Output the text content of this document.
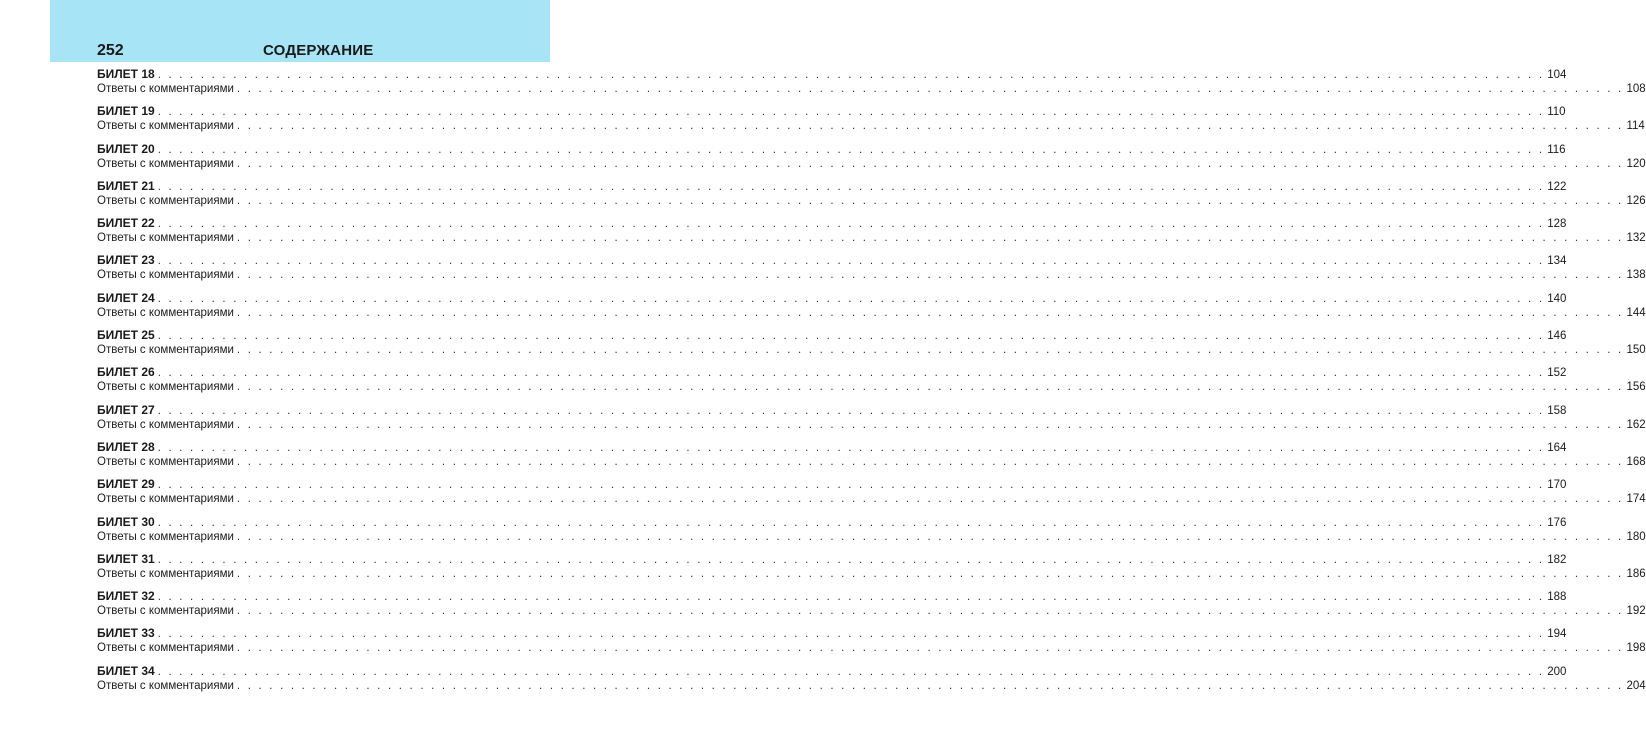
252	СОДЕРЖАНИЕ
БИЛЕТ 18 . . . . . . . . . . . . . . . . . . . . . . . . . . . . . . . . . . . . . . . . . . . . . . . . . . . . . . . . . . . . . . . . . . . . . . . . . . . . . . . . . . . . . . . . . . . . . . . . . . . . . . . . . . . . . . . . . . . . . . . . . . . . . . . . . 104
Ответы с комментариями . . . . . . . . . . . . . . . . . . . . . . . . . . . . . . . . . . . . . . . . . . . . . . . . . . . . . . . . . . . . . . . . . . . . . . . . . . . . . . . . . . . . . . . . . . . . . . . . . . . . . . . . . . . . . . . . . . . . . . . . . . . . . . . . . 108
БИЛЕТ 19 . . . . . . . . . . . . . . . . . . . . . . . . . . . . . . . . . . . . . . . . . . . . . . . . . . . . . . . . . . . . . . . . . . . . . . . . . . . . . . . . . . . . . . . . . . . . . . . . . . . . . . . . . . . . . . . . . . . . . . . . . . . . . . . . . 110
Ответы с комментариями . . . . . . . . . . . . . . . . . . . . . . . . . . . . . . . . . . . . . . . . . . . . . . . . . . . . . . . . . . . . . . . . . . . . . . . . . . . . . . . . . . . . . . . . . . . . . . . . . . . . . . . . . . . . . . . . . . . . . . . . . . . . . . . . . 114
БИЛЕТ 20 . . . . . . . . . . . . . . . . . . . . . . . . . . . . . . . . . . . . . . . . . . . . . . . . . . . . . . . . . . . . . . . . . . . . . . . . . . . . . . . . . . . . . . . . . . . . . . . . . . . . . . . . . . . . . . . . . . . . . . . . . . . . . . . . . 116
Ответы с комментариями . . . . . . . . . . . . . . . . . . . . . . . . . . . . . . . . . . . . . . . . . . . . . . . . . . . . . . . . . . . . . . . . . . . . . . . . . . . . . . . . . . . . . . . . . . . . . . . . . . . . . . . . . . . . . . . . . . . . . . . . . . . . . . . . . 120
БИЛЕТ 21 . . . . . . . . . . . . . . . . . . . . . . . . . . . . . . . . . . . . . . . . . . . . . . . . . . . . . . . . . . . . . . . . . . . . . . . . . . . . . . . . . . . . . . . . . . . . . . . . . . . . . . . . . . . . . . . . . . . . . . . . . . . . . . . . . 122
Ответы с комментариями . . . . . . . . . . . . . . . . . . . . . . . . . . . . . . . . . . . . . . . . . . . . . . . . . . . . . . . . . . . . . . . . . . . . . . . . . . . . . . . . . . . . . . . . . . . . . . . . . . . . . . . . . . . . . . . . . . . . . . . . . . . . . . . . . 126
БИЛЕТ 22 . . . . . . . . . . . . . . . . . . . . . . . . . . . . . . . . . . . . . . . . . . . . . . . . . . . . . . . . . . . . . . . . . . . . . . . . . . . . . . . . . . . . . . . . . . . . . . . . . . . . . . . . . . . . . . . . . . . . . . . . . . . . . . . . . 128
Ответы с комментариями . . . . . . . . . . . . . . . . . . . . . . . . . . . . . . . . . . . . . . . . . . . . . . . . . . . . . . . . . . . . . . . . . . . . . . . . . . . . . . . . . . . . . . . . . . . . . . . . . . . . . . . . . . . . . . . . . . . . . . . . . . . . . . . . . 132
БИЛЕТ 23 . . . . . . . . . . . . . . . . . . . . . . . . . . . . . . . . . . . . . . . . . . . . . . . . . . . . . . . . . . . . . . . . . . . . . . . . . . . . . . . . . . . . . . . . . . . . . . . . . . . . . . . . . . . . . . . . . . . . . . . . . . . . . . . . . 134
Ответы с комментариями . . . . . . . . . . . . . . . . . . . . . . . . . . . . . . . . . . . . . . . . . . . . . . . . . . . . . . . . . . . . . . . . . . . . . . . . . . . . . . . . . . . . . . . . . . . . . . . . . . . . . . . . . . . . . . . . . . . . . . . . . . . . . . . . . 138
БИЛЕТ 24 . . . . . . . . . . . . . . . . . . . . . . . . . . . . . . . . . . . . . . . . . . . . . . . . . . . . . . . . . . . . . . . . . . . . . . . . . . . . . . . . . . . . . . . . . . . . . . . . . . . . . . . . . . . . . . . . . . . . . . . . . . . . . . . . . 140
Ответы с комментариями . . . . . . . . . . . . . . . . . . . . . . . . . . . . . . . . . . . . . . . . . . . . . . . . . . . . . . . . . . . . . . . . . . . . . . . . . . . . . . . . . . . . . . . . . . . . . . . . . . . . . . . . . . . . . . . . . . . . . . . . . . . . . . . . . 144
БИЛЕТ 25 . . . . . . . . . . . . . . . . . . . . . . . . . . . . . . . . . . . . . . . . . . . . . . . . . . . . . . . . . . . . . . . . . . . . . . . . . . . . . . . . . . . . . . . . . . . . . . . . . . . . . . . . . . . . . . . . . . . . . . . . . . . . . . . . . 146
Ответы с комментариями . . . . . . . . . . . . . . . . . . . . . . . . . . . . . . . . . . . . . . . . . . . . . . . . . . . . . . . . . . . . . . . . . . . . . . . . . . . . . . . . . . . . . . . . . . . . . . . . . . . . . . . . . . . . . . . . . . . . . . . . . . . . . . . . . 150
БИЛЕТ 26 . . . . . . . . . . . . . . . . . . . . . . . . . . . . . . . . . . . . . . . . . . . . . . . . . . . . . . . . . . . . . . . . . . . . . . . . . . . . . . . . . . . . . . . . . . . . . . . . . . . . . . . . . . . . . . . . . . . . . . . . . . . . . . . . . 152
Ответы с комментариями . . . . . . . . . . . . . . . . . . . . . . . . . . . . . . . . . . . . . . . . . . . . . . . . . . . . . . . . . . . . . . . . . . . . . . . . . . . . . . . . . . . . . . . . . . . . . . . . . . . . . . . . . . . . . . . . . . . . . . . . . . . . . . . . . 156
БИЛЕТ 27 . . . . . . . . . . . . . . . . . . . . . . . . . . . . . . . . . . . . . . . . . . . . . . . . . . . . . . . . . . . . . . . . . . . . . . . . . . . . . . . . . . . . . . . . . . . . . . . . . . . . . . . . . . . . . . . . . . . . . . . . . . . . . . . . . 158
Ответы с комментариями . . . . . . . . . . . . . . . . . . . . . . . . . . . . . . . . . . . . . . . . . . . . . . . . . . . . . . . . . . . . . . . . . . . . . . . . . . . . . . . . . . . . . . . . . . . . . . . . . . . . . . . . . . . . . . . . . . . . . . . . . . . . . . . . . 162
БИЛЕТ 28 . . . . . . . . . . . . . . . . . . . . . . . . . . . . . . . . . . . . . . . . . . . . . . . . . . . . . . . . . . . . . . . . . . . . . . . . . . . . . . . . . . . . . . . . . . . . . . . . . . . . . . . . . . . . . . . . . . . . . . . . . . . . . . . . . 164
Ответы с комментариями . . . . . . . . . . . . . . . . . . . . . . . . . . . . . . . . . . . . . . . . . . . . . . . . . . . . . . . . . . . . . . . . . . . . . . . . . . . . . . . . . . . . . . . . . . . . . . . . . . . . . . . . . . . . . . . . . . . . . . . . . . . . . . . . . 168
БИЛЕТ 29 . . . . . . . . . . . . . . . . . . . . . . . . . . . . . . . . . . . . . . . . . . . . . . . . . . . . . . . . . . . . . . . . . . . . . . . . . . . . . . . . . . . . . . . . . . . . . . . . . . . . . . . . . . . . . . . . . . . . . . . . . . . . . . . . . 170
Ответы с комментариями . . . . . . . . . . . . . . . . . . . . . . . . . . . . . . . . . . . . . . . . . . . . . . . . . . . . . . . . . . . . . . . . . . . . . . . . . . . . . . . . . . . . . . . . . . . . . . . . . . . . . . . . . . . . . . . . . . . . . . . . . . . . . . . . . 174
БИЛЕТ 30 . . . . . . . . . . . . . . . . . . . . . . . . . . . . . . . . . . . . . . . . . . . . . . . . . . . . . . . . . . . . . . . . . . . . . . . . . . . . . . . . . . . . . . . . . . . . . . . . . . . . . . . . . . . . . . . . . . . . . . . . . . . . . . . . . 176
Ответы с комментариями . . . . . . . . . . . . . . . . . . . . . . . . . . . . . . . . . . . . . . . . . . . . . . . . . . . . . . . . . . . . . . . . . . . . . . . . . . . . . . . . . . . . . . . . . . . . . . . . . . . . . . . . . . . . . . . . . . . . . . . . . . . . . . . . . 180
БИЛЕТ 31 . . . . . . . . . . . . . . . . . . . . . . . . . . . . . . . . . . . . . . . . . . . . . . . . . . . . . . . . . . . . . . . . . . . . . . . . . . . . . . . . . . . . . . . . . . . . . . . . . . . . . . . . . . . . . . . . . . . . . . . . . . . . . . . . . 182
Ответы с комментариями . . . . . . . . . . . . . . . . . . . . . . . . . . . . . . . . . . . . . . . . . . . . . . . . . . . . . . . . . . . . . . . . . . . . . . . . . . . . . . . . . . . . . . . . . . . . . . . . . . . . . . . . . . . . . . . . . . . . . . . . . . . . . . . . . 186
БИЛЕТ 32 . . . . . . . . . . . . . . . . . . . . . . . . . . . . . . . . . . . . . . . . . . . . . . . . . . . . . . . . . . . . . . . . . . . . . . . . . . . . . . . . . . . . . . . . . . . . . . . . . . . . . . . . . . . . . . . . . . . . . . . . . . . . . . . . . 188
Ответы с комментариями . . . . . . . . . . . . . . . . . . . . . . . . . . . . . . . . . . . . . . . . . . . . . . . . . . . . . . . . . . . . . . . . . . . . . . . . . . . . . . . . . . . . . . . . . . . . . . . . . . . . . . . . . . . . . . . . . . . . . . . . . . . . . . . . . 192
БИЛЕТ 33 . . . . . . . . . . . . . . . . . . . . . . . . . . . . . . . . . . . . . . . . . . . . . . . . . . . . . . . . . . . . . . . . . . . . . . . . . . . . . . . . . . . . . . . . . . . . . . . . . . . . . . . . . . . . . . . . . . . . . . . . . . . . . . . . . 194
Ответы с комментариями . . . . . . . . . . . . . . . . . . . . . . . . . . . . . . . . . . . . . . . . . . . . . . . . . . . . . . . . . . . . . . . . . . . . . . . . . . . . . . . . . . . . . . . . . . . . . . . . . . . . . . . . . . . . . . . . . . . . . . . . . . . . . . . . . 198
БИЛЕТ 34 . . . . . . . . . . . . . . . . . . . . . . . . . . . . . . . . . . . . . . . . . . . . . . . . . . . . . . . . . . . . . . . . . . . . . . . . . . . . . . . . . . . . . . . . . . . . . . . . . . . . . . . . . . . . . . . . . . . . . . . . . . . . . . . . . 200
Ответы с комментариями . . . . . . . . . . . . . . . . . . . . . . . . . . . . . . . . . . . . . . . . . . . . . . . . . . . . . . . . . . . . . . . . . . . . . . . . . . . . . . . . . . . . . . . . . . . . . . . . . . . . . . . . . . . . . . . . . . . . . . . . . . . . . . . . . 204
